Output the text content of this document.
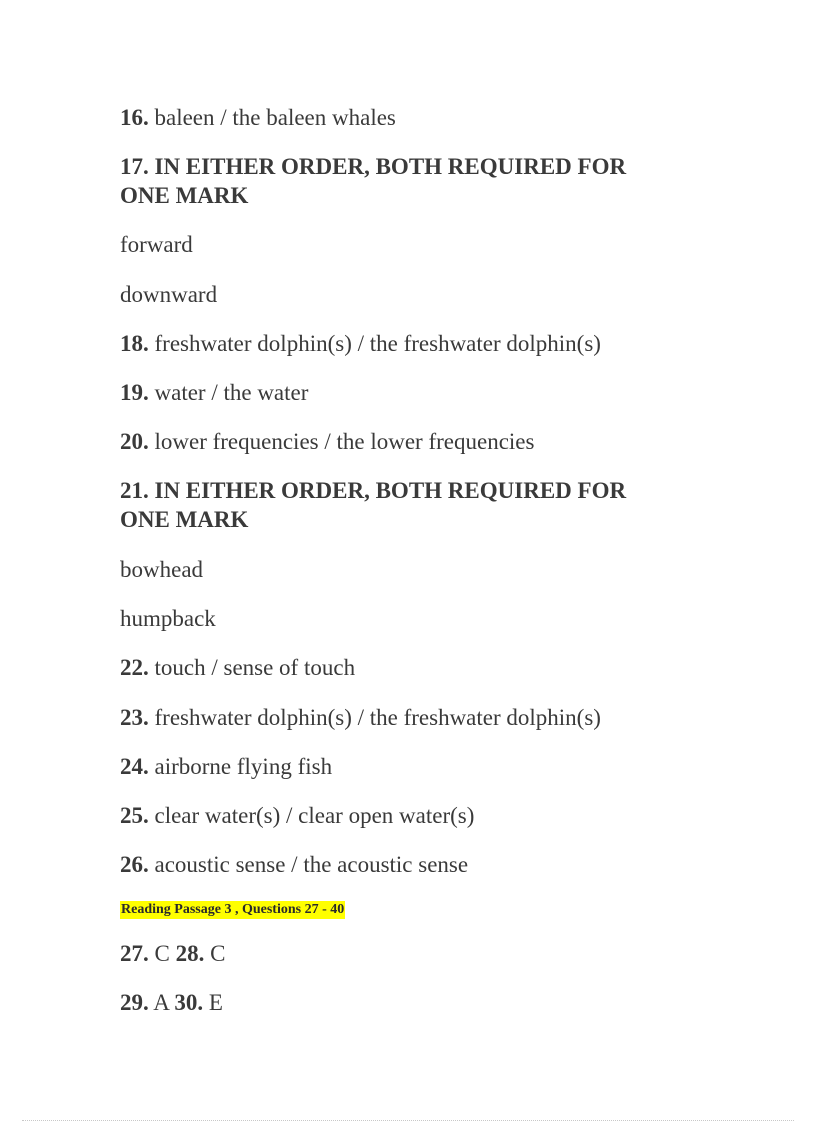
16. baleen / the baleen whales
17. IN EITHER ORDER, BOTH REQUIRED FOR ONE MARK
forward
downward
18. freshwater dolphin(s) / the freshwater dolphin(s)
19. water / the water
20. lower frequencies / the lower frequencies
21. IN EITHER ORDER, BOTH REQUIRED FOR ONE MARK
bowhead
humpback
22. touch / sense of touch
23. freshwater dolphin(s) / the freshwater dolphin(s)
24. airborne flying fish
25. clear water(s) / clear open water(s)
26. acoustic sense / the acoustic sense
Reading Passage 3 , Questions 27 - 40
27. C 28. C
29. A 30. E
